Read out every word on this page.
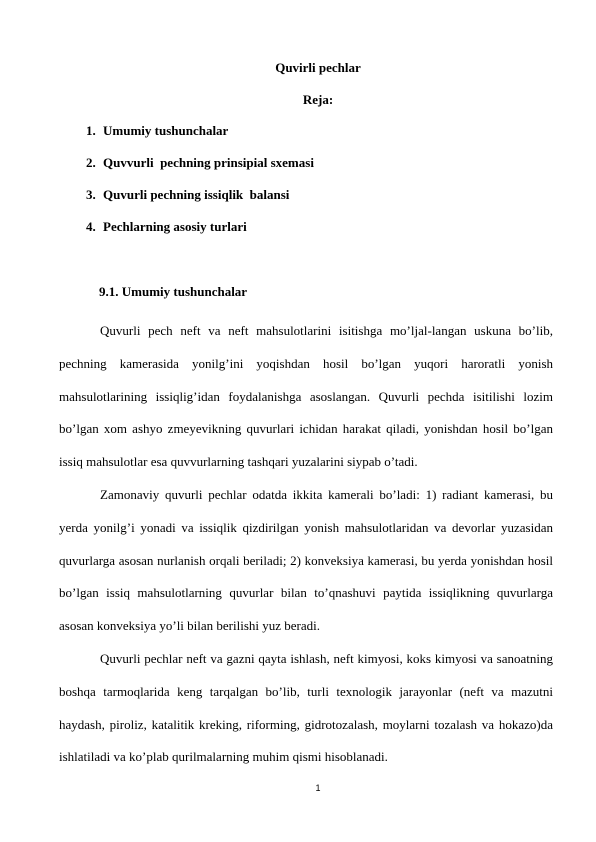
Quvirli pechlar
Reja:
1. Umumiy tushunchalar
2. Quvvurli  pechning prinsipial sxemasi
3. Quvurli pechning issiqlik  balansi
4. Pechlarning asosiy turlari
9.1. Umumiy tushunchalar

Quvurli pech neft va neft mahsulotlarini isitishga mo’ljal-langan uskuna bo’lib, pechning kamerasida yonilg’ini yoqishdan hosil bo’lgan yuqori haroratli yonish mahsulotlarining issiqlig’idan foydalanishga asoslangan. Quvurli pechda isitilishi lozim bo’lgan xom ashyo zmeyevikning quvurlari ichidan harakat qiladi, yonishdan hosil bo’lgan issiq mahsulotlar esa quvvurlarning tashqari yuzalarini siypab o’tadi.

Zamonaviy quvurli pechlar odatda ikkita kamerali bo’ladi: 1) radiant kamerasi, bu yerda yonilg’i yonadi va issiqlik qizdirilgan yonish mahsulotlaridan va devorlar yuzasidan quvurlarga asosan nurlanish orqali beriladi; 2) konveksiya kamerasi, bu yerda yonishdan hosil bo’lgan issiq mahsulotlarning quvurlar bilan to’qnashuvi paytida issiqlikning quvurlarga asosan konveksiya yo’li bilan berilishi yuz beradi.

Quvurli pechlar neft va gazni qayta ishlash, neft kimyosi, koks kimyosi va sanoatning boshqa tarmoqlarida keng tarqalgan bo’lib, turli texnologik jarayonlar (neft va mazutni haydash, piroliz, katalitik kreking, riforming, gidrotozalash, moylarni tozalash va hokazo)da ishlatiladi va ko’plab qurilmalarning muhim qismi hisoblanadi.

1
